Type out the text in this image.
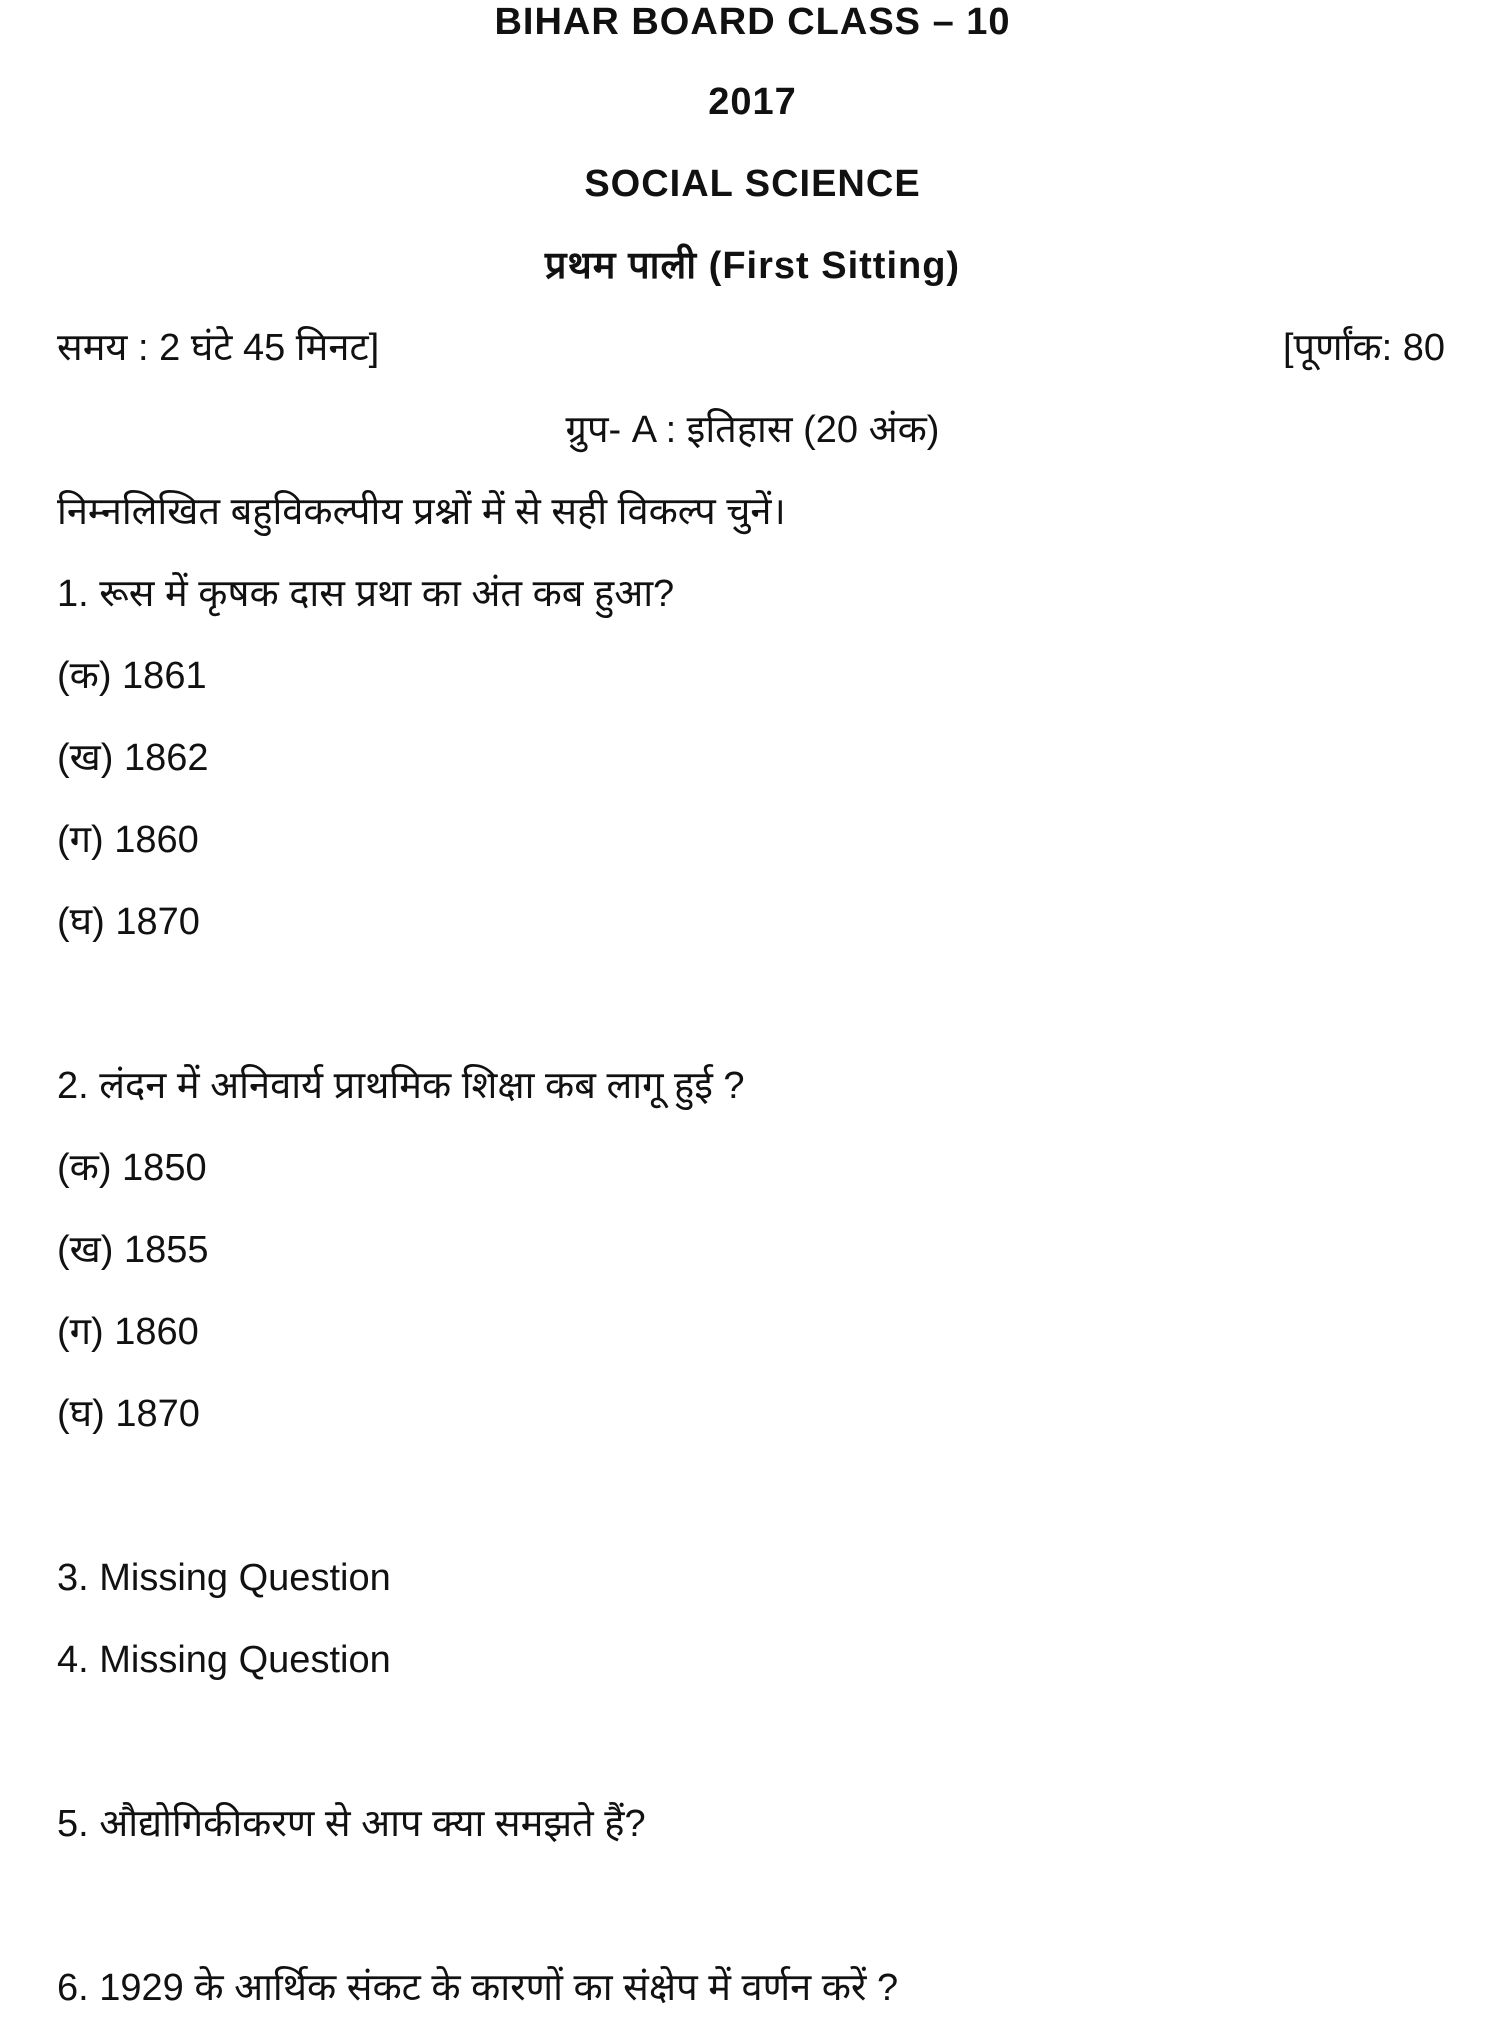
BIHAR BOARD CLASS – 10
2017
SOCIAL SCIENCE
प्रथम पाली (First Sitting)
समय : 2 घंटे 45 मिनट]	[पूर्णांक: 80
ग्रुप- A : इतिहास (20 अंक)
निम्नलिखित बहुविकल्पीय प्रश्नों में से सही विकल्प चुनें।
1. रूस में कृषक दास प्रथा का अंत कब हुआ?
(क) 1861
(ख) 1862
(ग) 1860
(घ) 1870
2. लंदन में अनिवार्य प्राथमिक शिक्षा कब लागू हुई ?
(क) 1850
(ख) 1855
(ग) 1860
(घ) 1870
3. Missing Question
4. Missing Question
5. औद्योगिकीकरण से आप क्या समझते हैं?
6. 1929 के आर्थिक संकट के कारणों का संक्षेप में वर्णन करें ?
